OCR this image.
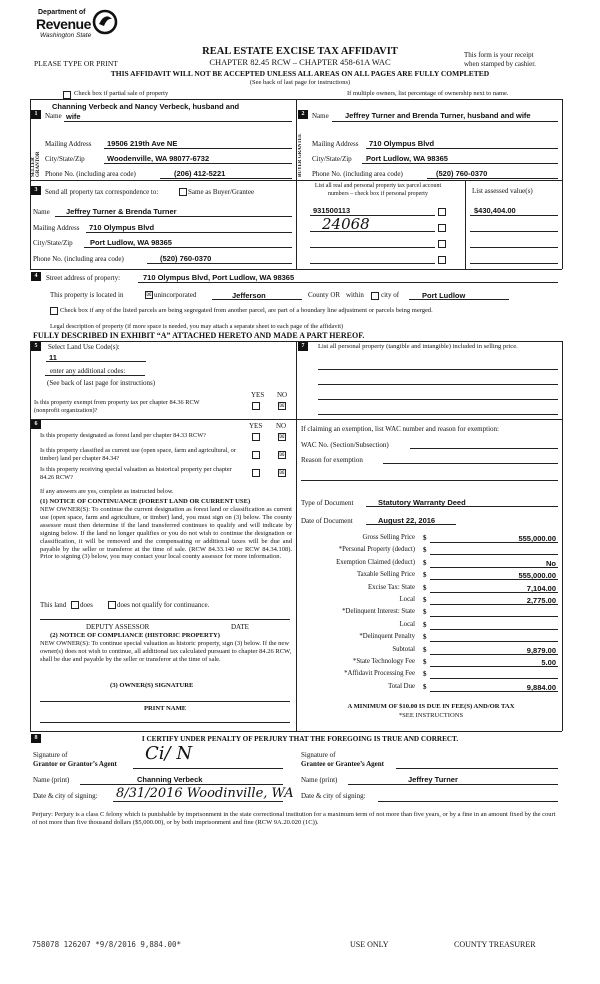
Department of
Revenue
Washington State
REAL ESTATE EXCISE TAX AFFIDAVIT
CHAPTER 82.45 RCW – CHAPTER 458-61A WAC
PLEASE TYPE OR PRINT
This form is your receipt
when stamped by cashier.
THIS AFFIDAVIT WILL NOT BE ACCEPTED UNLESS ALL AREAS ON ALL PAGES ARE FULLY COMPLETED
(See back of last page for instructions)
Check box if partial sale of property	If multiple owners, list percentage of ownership next to name.
1	Name
Channing Verbeck and Nancy Verbeck, husband and
wife
SELLER GRANTOR
Mailing Address 19506 219th Ave NE
City/State/Zip	Woodenville, WA 98077-6732
Phone No. (including area code)	(206) 412-5221
2	Name Jeffrey Turner and Brenda Turner, husband and wife
BUYER GRANTEE Mailing Address 710 Olympus Blvd
City/State/Zip Port Ludlow, WA 98365
Phone No. (including area code)	(520) 760-0370
3	Send all property tax correspondence to:	Same as Buyer/Grantee
Name Jeffrey Turner & Brenda Turner
Mailing Address 710 Olympus Blvd
City/State/Zip Port Ludlow, WA 98365
Phone No. (including area code)	(520) 760-0370
List all real and personal property tax parcel account
numbers – check box if personal property	List assessed value(s)
931500113	$430,404.00
24068
4	Street address of property:	710 Olympus Blvd, Port Ludlow, WA 98365
This property is located in	☒ unincorporated	Jefferson	County OR within city of	Port Ludlow
Check box if any of the listed parcels are being segregated from another parcel, are part of a boundary line adjustment or parcels being merged.
Legal description of property (if more space is needed, you may attach a separate sheet to each page of the affidavit)
FULLY DESCRIBED IN EXHIBIT “A” ATTACHED HERETO AND MADE A PART HEREOF.
5	Select Land Use Code(s):
11
enter any additional codes:
(See back of last page for instructions)
YES NO
Is this property exempt from property tax per chapter 84.36 RCW (nonprofit organization)?
☒
6	YES NO
Is this property designated as forest land per chapter 84.33 RCW?	☒
Is this property classified as current use (open space, farm and agricultural, or timber) land per chapter 84.34?	☒
Is this property receiving special valuation as historical property per chapter 84.26 RCW?
☒
If any answers are yes, complete as instructed below.
(1) NOTICE OF CONTINUANCE (FOREST LAND OR CURRENT USE)
NEW OWNER(S): To continue the current designation as forest land or classification as current use (open space, farm and agriculture, or timber) land, you must sign on (3) below. The county assessor must then determine if the land transferred continues to qualify and will indicate by signing below. If the land no longer qualifies or you do not wish to continue the designation or classification, it will be removed and the compensating or additional taxes will be due and payable by the seller or transferor at the time of sale. (RCW 84.33.140 or RCW 84.34.108). Prior to signing (3) below, you may contact your local county assessor for more information.
This land does	does not qualify for continuance.
DEPUTY ASSESSOR	DATE
(2) NOTICE OF COMPLIANCE (HISTORIC PROPERTY)
NEW OWNER(S): To continue special valuation as historic property, sign (3) below. If the new owner(s) does not wish to continue, all additional tax calculated pursuant to chapter 84.26 RCW, shall be due and payable by the seller or transferor at the time of sale.
(3) OWNER(S) SIGNATURE
PRINT NAME
7	List all personal property (tangible and intangible) included in selling price.
If claiming an exemption, list WAC number and reason for exemption:
WAC No. (Section/Subsection)
Reason for exemption
Type of Document	Statutory Warranty Deed
Date of Document	August 22, 2016
Gross Selling Price $	555,000.00
*Personal Property (deduct) $
Exemption Claimed (deduct) $	No
Taxable Selling Price $	555,000.00
Excise Tax: State $	7,104.00
Local $	2,775.00
*Delinquent Interest: State $
Local $
*Delinquent Penalty $
Subtotal $	9,879.00
*State Technology Fee $	5.00
*Affidavit Processing Fee $
Total Due $	9,884.00
A MINIMUM OF $10.00 IS DUE IN FEE(S) AND/OR TAX
*SEE INSTRUCTIONS
8	I CERTIFY UNDER PENALTY OF PERJURY THAT THE FOREGOING IS TRUE AND CORRECT.
Signature of
Grantor or Grantor’s Agent Ci/ N	Signature of
Grantee or Grantee’s Agent
Name (print)	Channing Verbeck	Name (print)	Jeffrey Turner
Date & city of signing: 8/31/2016 Woodinville, WA Date & city of signing:
Perjury: Perjury is a class C felony which is punishable by imprisonment in the state correctional institution for a maximum term of not more than five years, or by a fine in an amount fixed by the court of not more than five thousand dollars ($5,000.00), or by both imprisonment and fine (RCW 9A.20.020 (1C)).
758078 126207 *9/8/2016 9,884.00*	USE ONLY	COUNTY TREASURER
